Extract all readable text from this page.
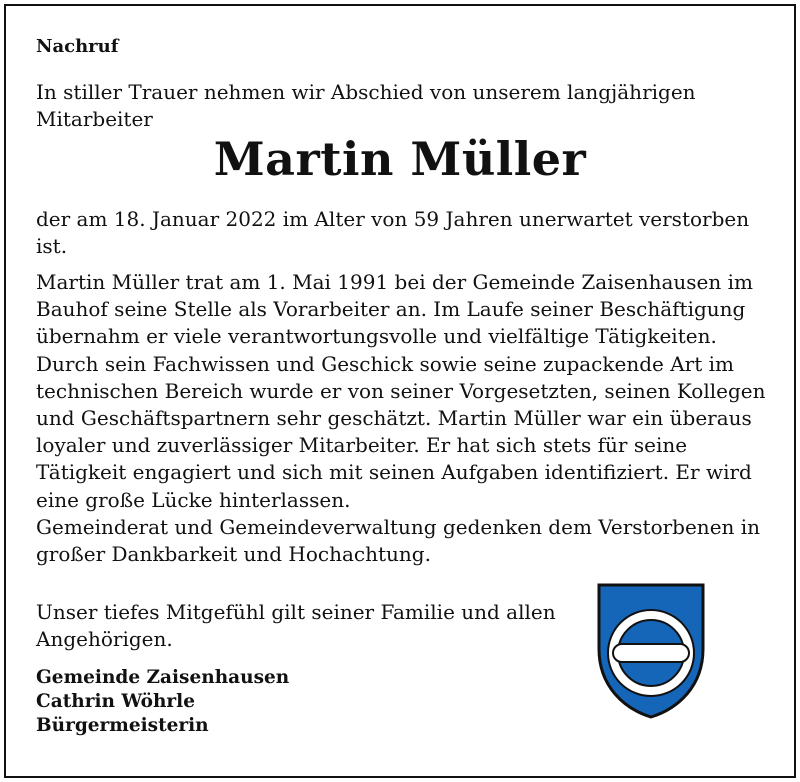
Nachruf
In stiller Trauer nehmen wir Abschied von unserem langjährigen Mitarbeiter
Martin Müller
der am 18. Januar 2022 im Alter von 59 Jahren unerwartet verstorben ist.

Martin Müller trat am 1. Mai 1991 bei der Gemeinde Zaisenhausen im Bauhof seine Stelle als Vorarbeiter an. Im Laufe seiner Beschäftigung übernahm er viele verantwortungsvolle und vielfältige Tätigkeiten. Durch sein Fachwissen und Geschick sowie seine zupackende Art im technischen Bereich wurde er von seiner Vorgesetzten, seinen Kollegen und Geschäftspartnern sehr geschätzt. Martin Müller war ein überaus loyaler und zuverlässiger Mitarbeiter. Er hat sich stets für seine Tätigkeit engagiert und sich mit seinen Aufgaben identifiziert. Er wird eine große Lücke hinterlassen.

Gemeinderat und Gemeindeverwaltung gedenken dem Verstorbenen in großer Dankbarkeit und Hochachtung.

Unser tiefes Mitgefühl gilt seiner Familie und allen Angehörigen.
Gemeinde Zaisenhausen
Cathrin Wöhrle
Bürgermeisterin
